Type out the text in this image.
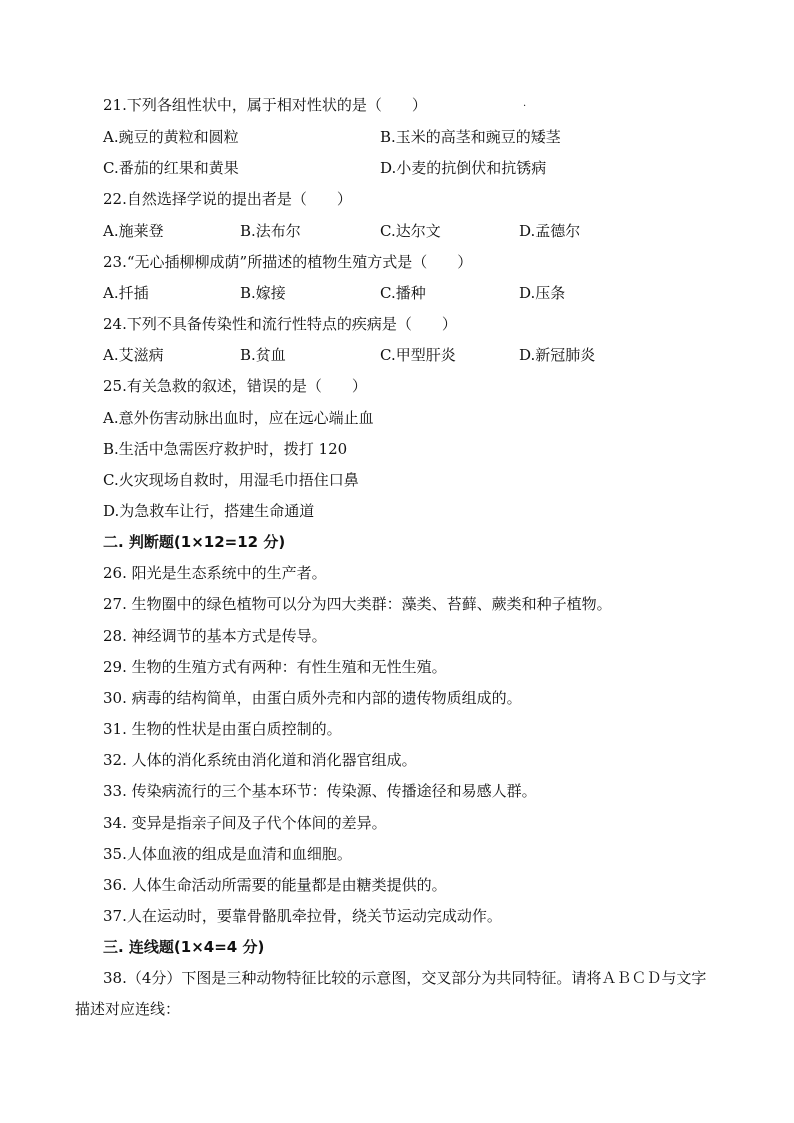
21.下列各组性状中，属于相对性状的是（　　）	.
A.豌豆的黄粒和圆粒	B.玉米的高茎和豌豆的矮茎
C.番茄的红果和黄果	D.小麦的抗倒伏和抗锈病
22.自然选择学说的提出者是（　　）
A.施莱登	B.法布尔	C.达尔文	D.孟德尔
23.“无心插柳柳成荫”所描述的植物生殖方式是（　　）
A.扦插	B.嫁接	C.播种	D.压条
24.下列不具备传染性和流行性特点的疾病是（　　）
A.艾滋病	B.贫血	C.甲型肝炎	D.新冠肺炎
25.有关急救的叙述，错误的是（　　）
A.意外伤害动脉出血时，应在远心端止血
B.生活中急需医疗救护时，拨打 120
C.火灾现场自救时，用湿毛巾捂住口鼻
D.为急救车让行，搭建生命通道
二. 判断题(1×12=12 分)
26. 阳光是生态系统中的生产者。
27. 生物圈中的绿色植物可以分为四大类群：藻类、苔藓、蕨类和种子植物。
28. 神经调节的基本方式是传导。
29. 生物的生殖方式有两种：有性生殖和无性生殖。
30. 病毒的结构简单，由蛋白质外壳和内部的遗传物质组成的。
31. 生物的性状是由蛋白质控制的。
32. 人体的消化系统由消化道和消化器官组成。
33. 传染病流行的三个基本环节：传染源、传播途径和易感人群。
34. 变异是指亲子间及子代个体间的差异。
35.人体血液的组成是血清和血细胞。
36. 人体生命活动所需要的能量都是由糖类提供的。
37.人在运动时，要靠骨骼肌牵拉骨，绕关节运动完成动作。
三. 连线题(1×4=4 分)
38.（4分）下图是三种动物特征比较的示意图，交叉部分为共同特征。请将ＡＢＣＤ与文字
描述对应连线：
